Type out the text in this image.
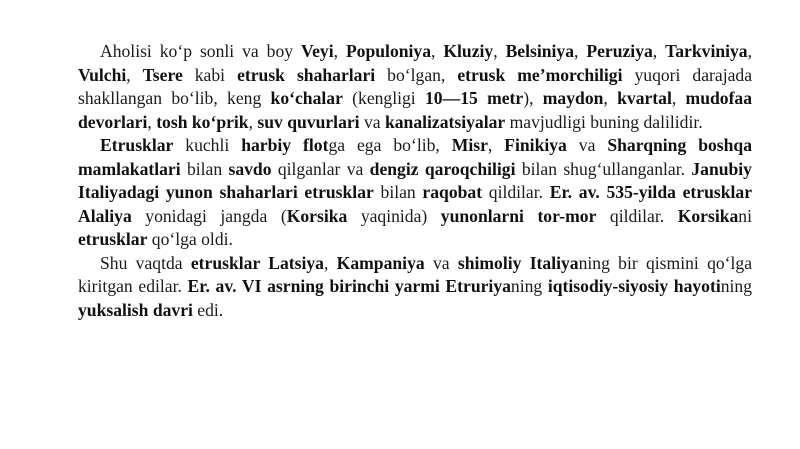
Aholisi ko‘p sonli va boy Veyi, Populoniya, Kluziy, Belsiniya, Peruziya, Tarkviniya, Vulchi, Tsere kabi etrusk shaharlari bo‘lgan, etrusk me’morchiligi yuqori darajada shakllangan bo‘lib, keng ko‘chalar (kengligi 10—15 metr), maydon, kvartal, mudofaa devorlari, tosh ko‘prik, suv quvurlari va kanalizatsiyalar mavjudligi buning dalilidir.

Etrusklar kuchli harbiy flotga ega bo‘lib, Misr, Finikiya va Sharqning boshqa mamlakatlari bilan savdo qilganlar va dengiz qaroqchiligi bilan shug‘ullanganlar. Janubiy Italiyadagi yunon shaharlari etrusklar bilan raqobat qildilar. Er. av. 535-yilda etrusklar Alaliya yonidagi jangda (Korsika yaqinida) yunonlarni tor-mor qildilar. Korsikani etrusklar qo‘lga oldi.

Shu vaqtda etrusklar Latsiya, Kampaniya va shimoliy Italiyaning bir qismini qo‘lga kiritgan edilar. Er. av. VI asrning birinchi yarmi Etruriyaning iqtisodiy-siyosiy hayotining yuksalish davri edi.
